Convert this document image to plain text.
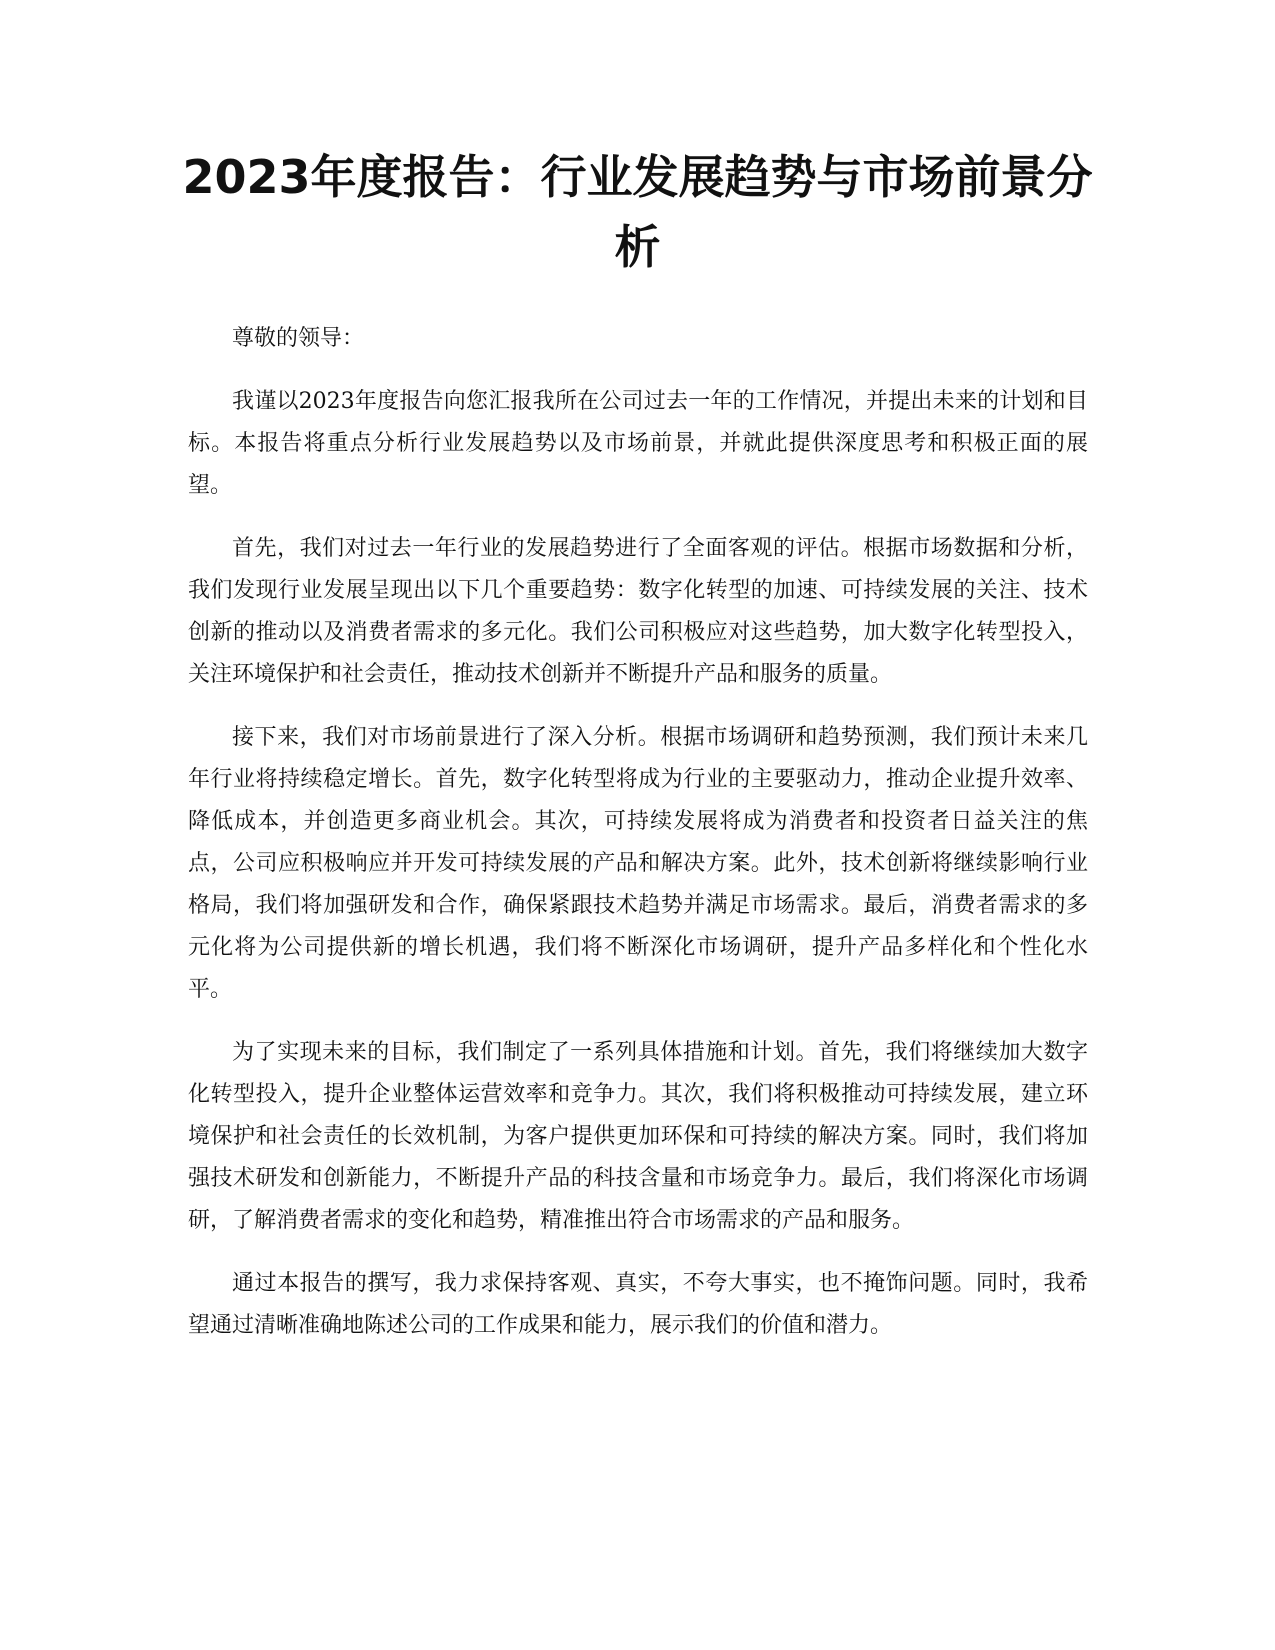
2023年度报告：行业发展趋势与市场前景分析

尊敬的领导：

我谨以2023年度报告向您汇报我所在公司过去一年的工作情况，并提出未来的计划和目标。本报告将重点分析行业发展趋势以及市场前景，并就此提供深度思考和积极正面的展望。

首先，我们对过去一年行业的发展趋势进行了全面客观的评估。根据市场数据和分析，我们发现行业发展呈现出以下几个重要趋势：数字化转型的加速、可持续发展的关注、技术创新的推动以及消费者需求的多元化。我们公司积极应对这些趋势，加大数字化转型投入，关注环境保护和社会责任，推动技术创新并不断提升产品和服务的质量。

接下来，我们对市场前景进行了深入分析。根据市场调研和趋势预测，我们预计未来几年行业将持续稳定增长。首先，数字化转型将成为行业的主要驱动力，推动企业提升效率、降低成本，并创造更多商业机会。其次，可持续发展将成为消费者和投资者日益关注的焦点，公司应积极响应并开发可持续发展的产品和解决方案。此外，技术创新将继续影响行业格局，我们将加强研发和合作，确保紧跟技术趋势并满足市场需求。最后，消费者需求的多元化将为公司提供新的增长机遇，我们将不断深化市场调研，提升产品多样化和个性化水平。

为了实现未来的目标，我们制定了一系列具体措施和计划。首先，我们将继续加大数字化转型投入，提升企业整体运营效率和竞争力。其次，我们将积极推动可持续发展，建立环境保护和社会责任的长效机制，为客户提供更加环保和可持续的解决方案。同时，我们将加强技术研发和创新能力，不断提升产品的科技含量和市场竞争力。最后，我们将深化市场调研，了解消费者需求的变化和趋势，精准推出符合市场需求的产品和服务。

通过本报告的撰写，我力求保持客观、真实，不夸大事实，也不掩饰问题。同时，我希望通过清晰准确地陈述公司的工作成果和能力，展示我们的价值和潜力。
